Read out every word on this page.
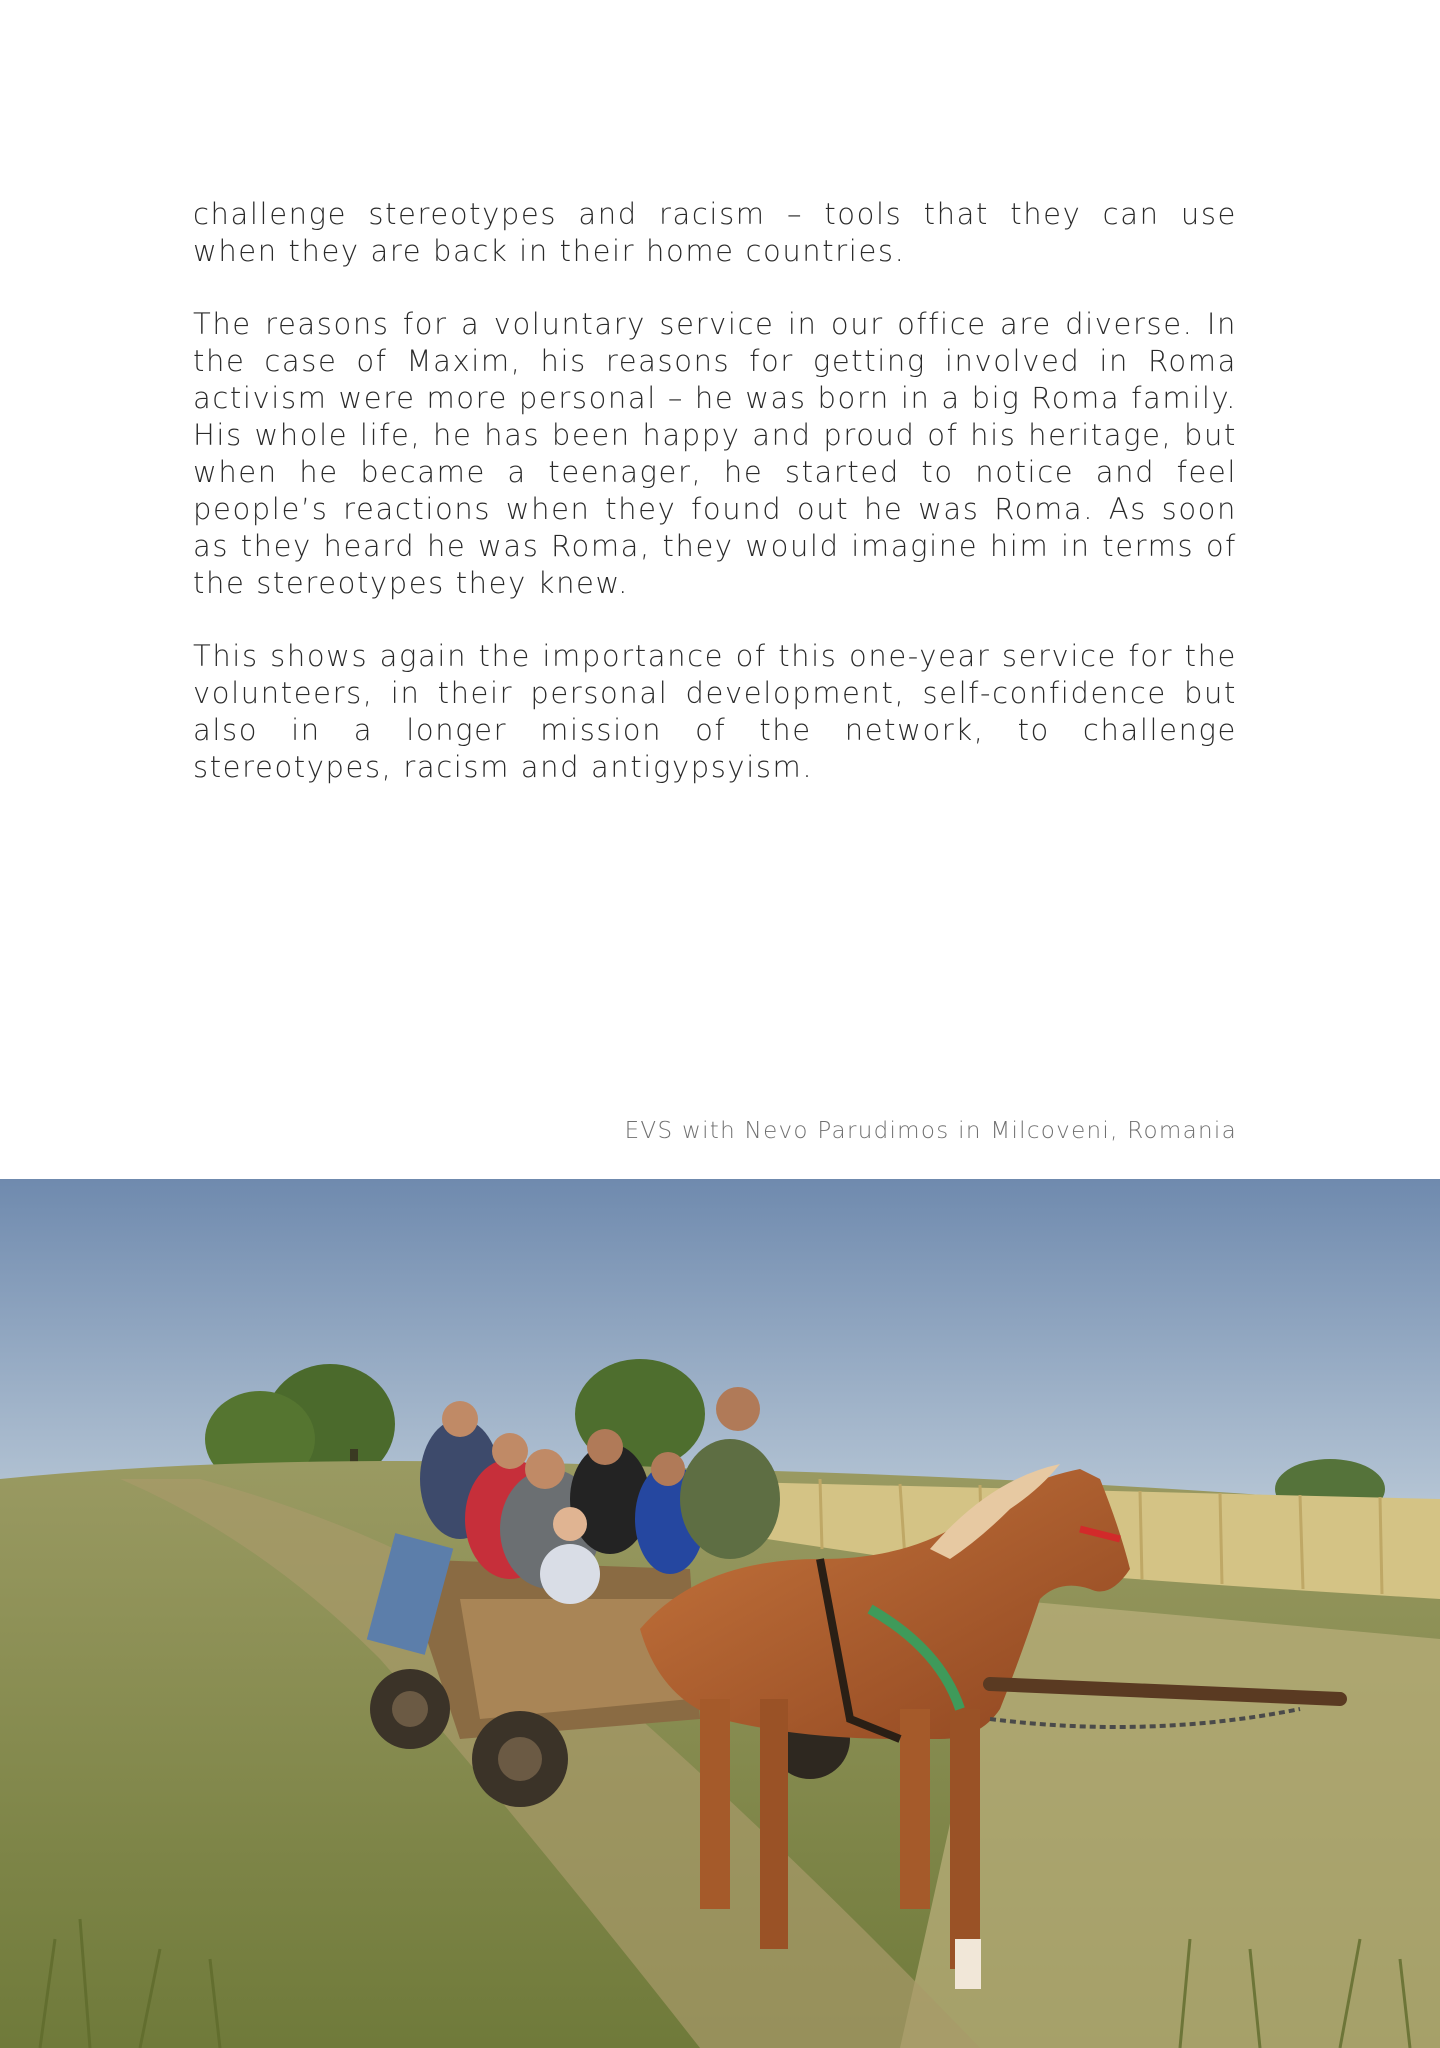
challenge stereotypes and racism – tools that they can use when they are back in their home countries.

The reasons for a voluntary service in our office are diverse. In the case of Maxim, his reasons for getting involved in Roma activism were more personal – he was born in a big Roma family. His whole life, he has been happy and proud of his heritage, but when he became a teenager, he started to notice and feel people’s reactions when they found out he was Roma. As soon as they heard he was Roma, they would imagine him in terms of the stereotypes they knew.

This shows again the importance of this one-year service for the volunteers, in their personal development, self-confidence but also in a longer mission of the network, to challenge stereotypes, racism and antigypsyism.

EVS with Nevo Parudimos in Milcoveni, Romania
